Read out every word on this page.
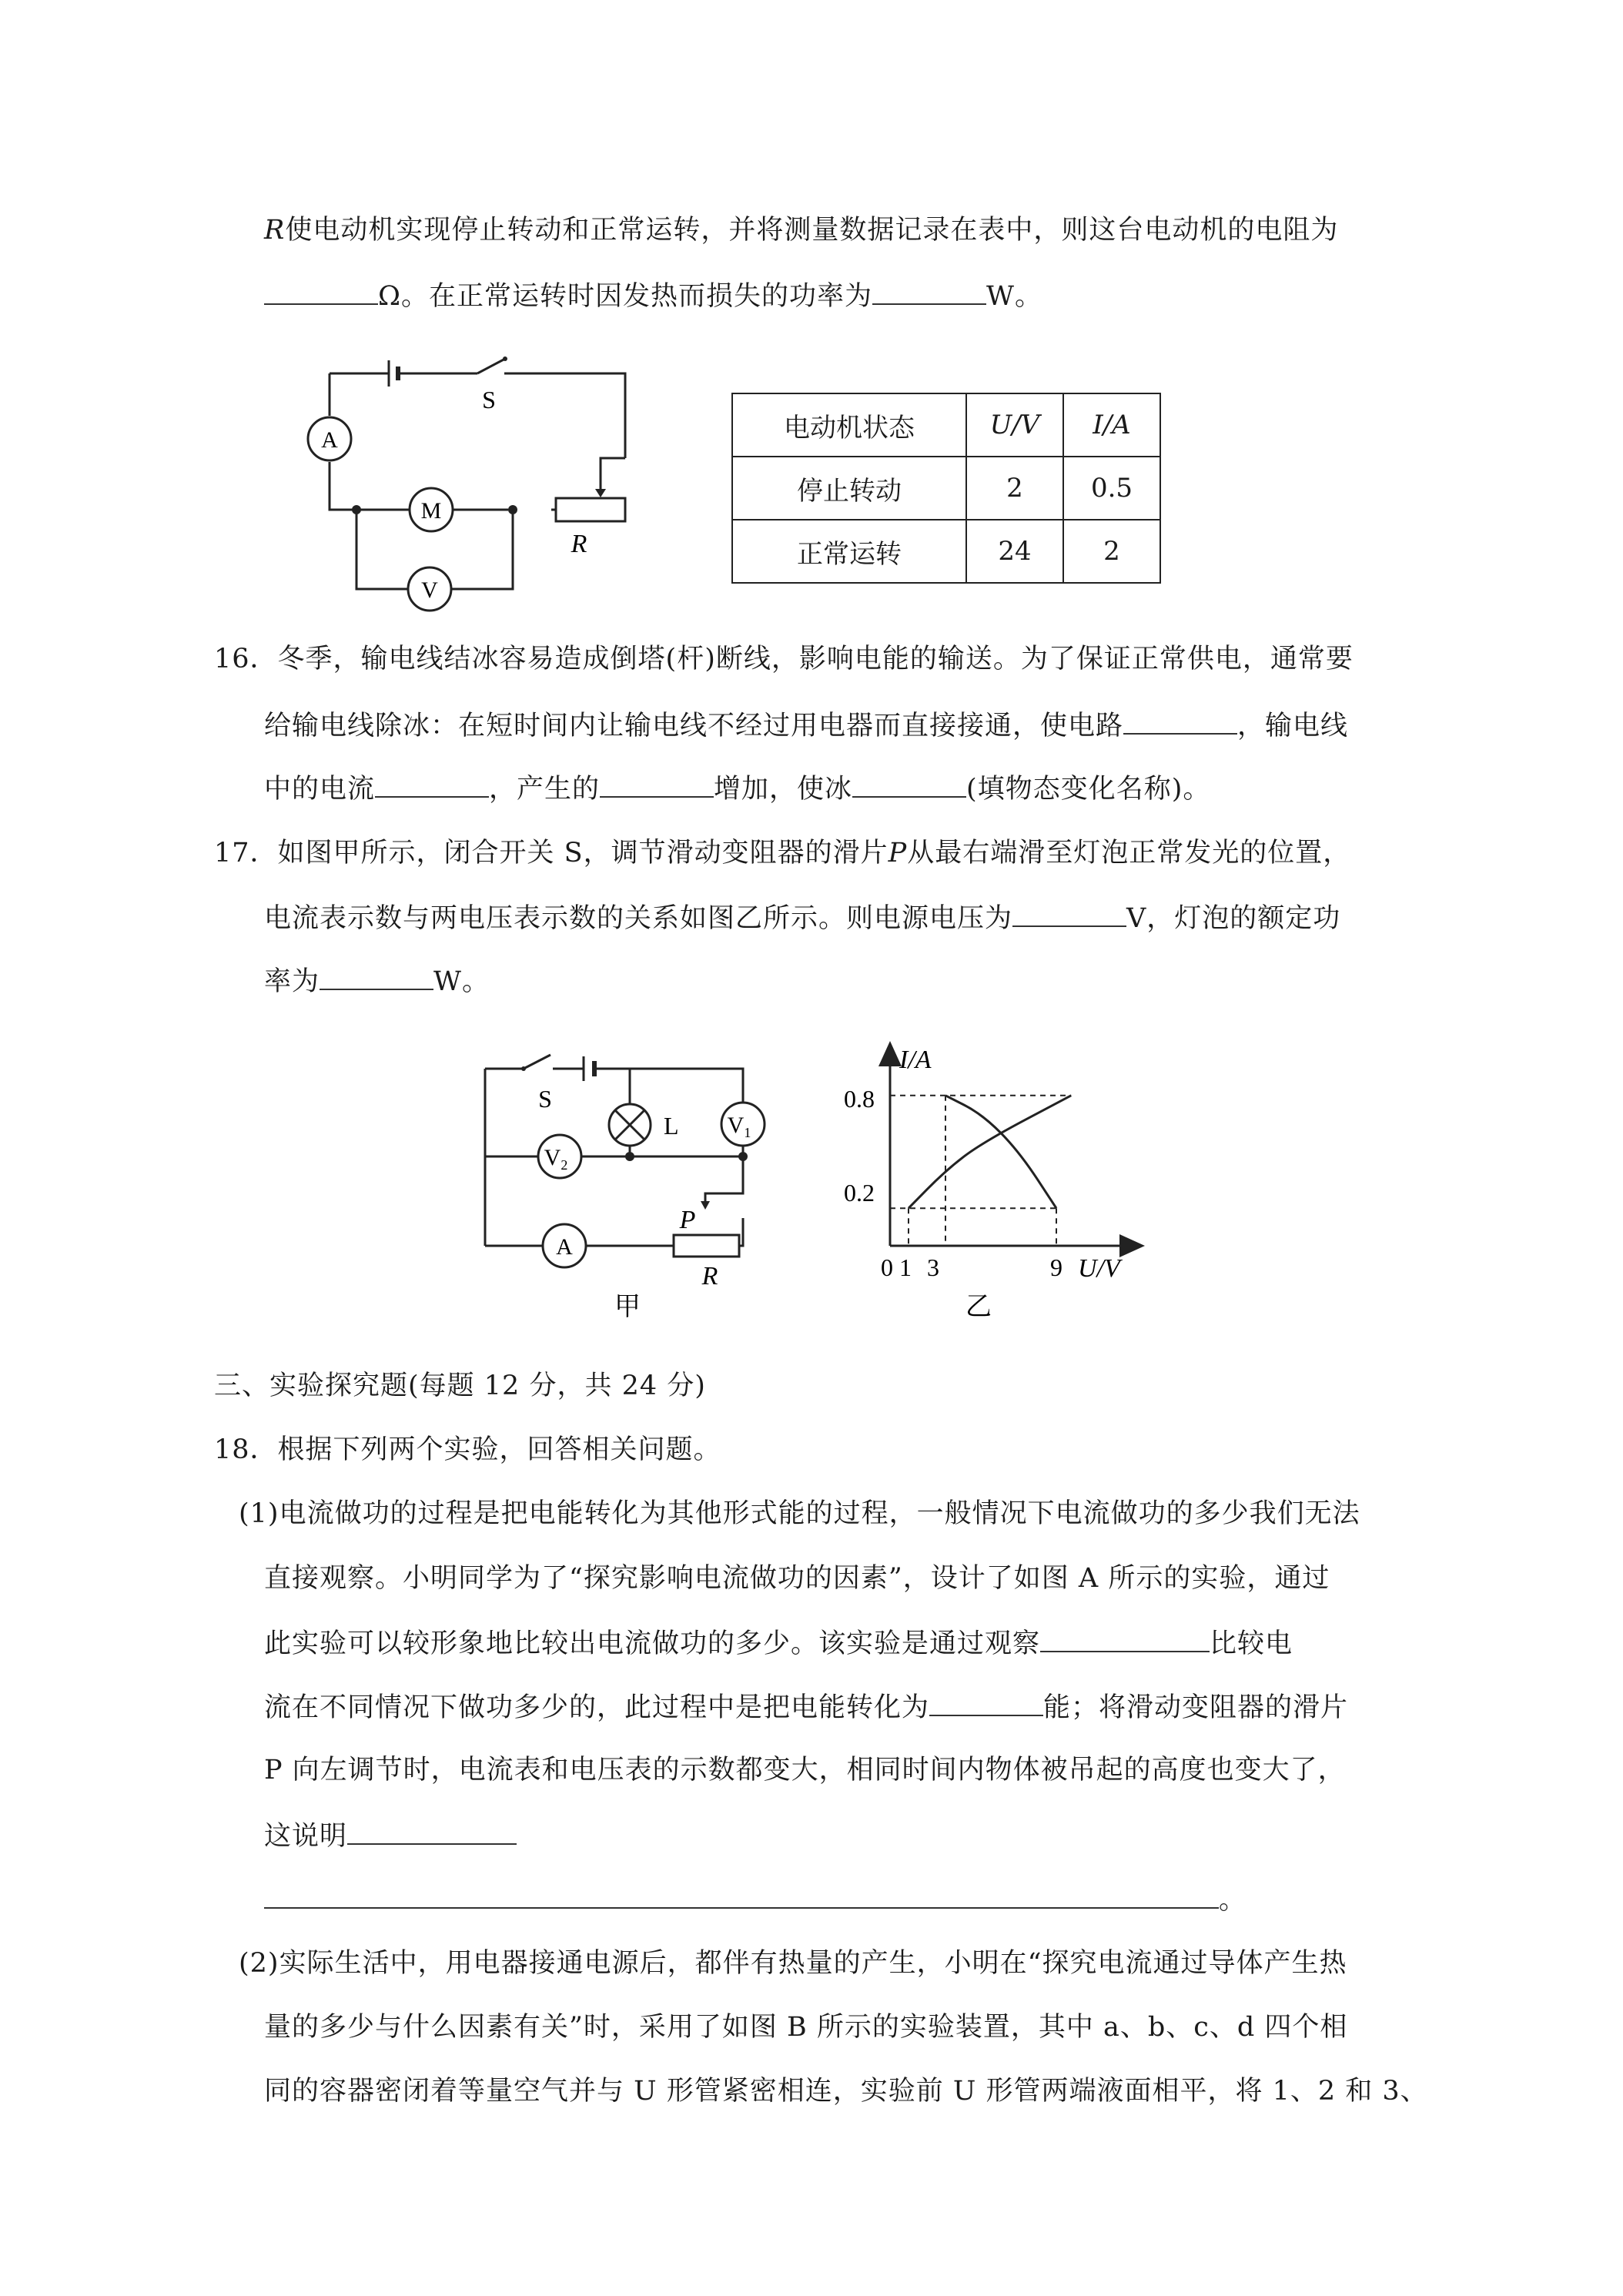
R使电动机实现停止转动和正常运转，并将测量数据记录在表中，则这台电动机的电阻为
Ω。在正常运转时因发热而损失的功率为	W。
A
M
V
S
R
电动机状态	U/V	I/A
停止转动	2	0.5
正常运转	24	2
16．冬季，输电线结冰容易造成倒塔(杆)断线，影响电能的输送。为了保证正常供电，通常要
给输电线除冰：在短时间内让输电线不经过用电器而直接接通，使电路	，输电线
中的电流	，产生的	增加，使冰	(填物态变化名称)。
17．如图甲所示，闭合开关 S，调节滑动变阻器的滑片P从最右端滑至灯泡正常发光的位置，
电流表示数与两电压表示数的关系如图乙所示。则电源电压为	V，灯泡的额定功
率为	W。
$V_1$
$V_2$
A
L
S
P
R
甲
I/A
U/V
0.8
0.2
0 1 3	9
乙
三、实验探究题(每题 12 分，共 24 分)
18．根据下列两个实验，回答相关问题。
(1)电流做功的过程是把电能转化为其他形式能的过程，一般情况下电流做功的多少我们无法
直接观察。小明同学为了“探究影响电流做功的因素”，设计了如图 A 所示的实验，通过
此实验可以较形象地比较出电流做功的多少。该实验是通过观察	比较电
流在不同情况下做功多少的，此过程中是把电能转化为	能；将滑动变阻器的滑片
P 向左调节时，电流表和电压表的示数都变大，相同时间内物体被吊起的高度也变大了，
这说明
。
(2)实际生活中，用电器接通电源后，都伴有热量的产生，小明在“探究电流通过导体产生热
量的多少与什么因素有关”时，采用了如图 B 所示的实验装置，其中 a、b、c、d 四个相
同的容器密闭着等量空气并与 U 形管紧密相连，实验前 U 形管两端液面相平，将 1、2 和 3、
